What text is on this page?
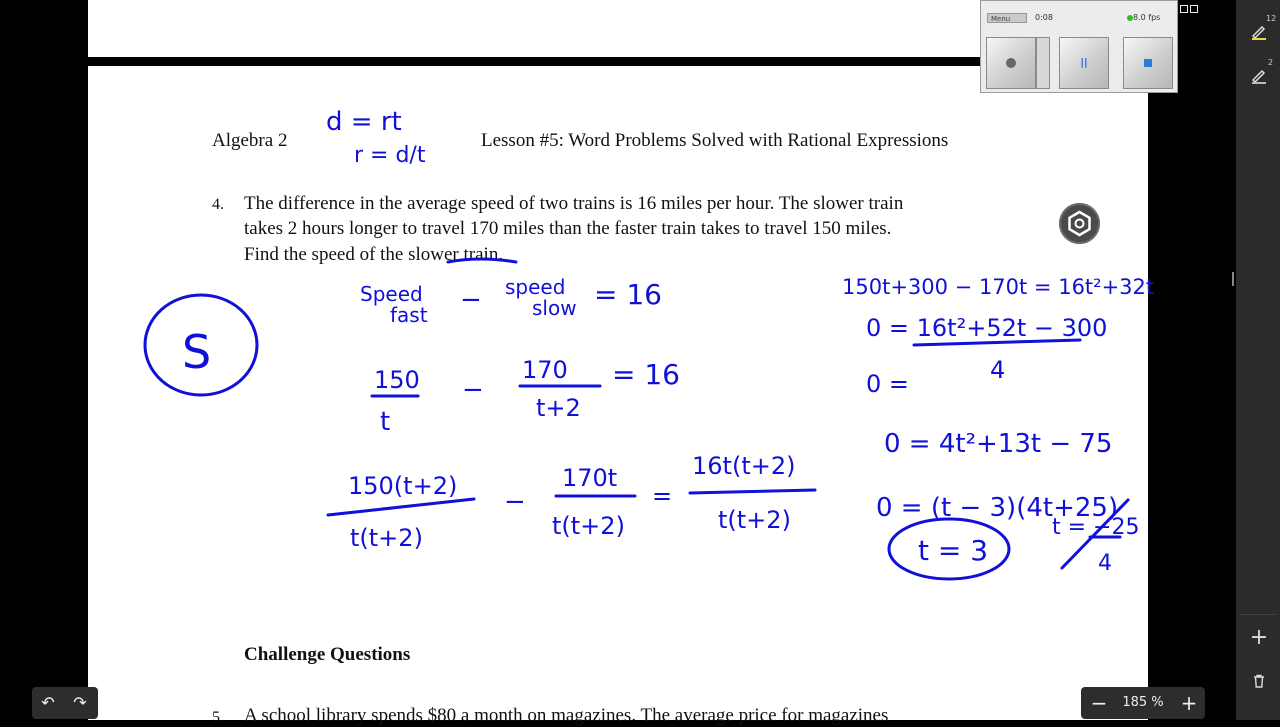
Algebra 2	Lesson #5: Word Problems Solved with Rational Expressions
4. The difference in the average speed of two trains is 16 miles per hour. The slower train
takes 2 hours longer to travel 170 miles than the faster train takes to travel 150 miles.
Find the speed of the slower train.
Challenge Questions
5. A school library spends $80 a month on magazines. The average price for magazines
d = rt
r = d/t
S
Speed
fast − speed
slow = 16
150
t
−
170
t+2
= 16
150(t+2)
t(t+2)
−
170t
t(t+2)
=
16t(t+2)
t(t+2)
150t+300 − 170t = 16t²+32t
0 = 16t²+52t − 300
4
0 =
0 = 4t²+13t − 75
0 = (t − 3)(4t+25)
t = 3
t = −25
4
Menu	0:08	8.0 fps
||
12
2
+
↶	↷	−	185 % +
